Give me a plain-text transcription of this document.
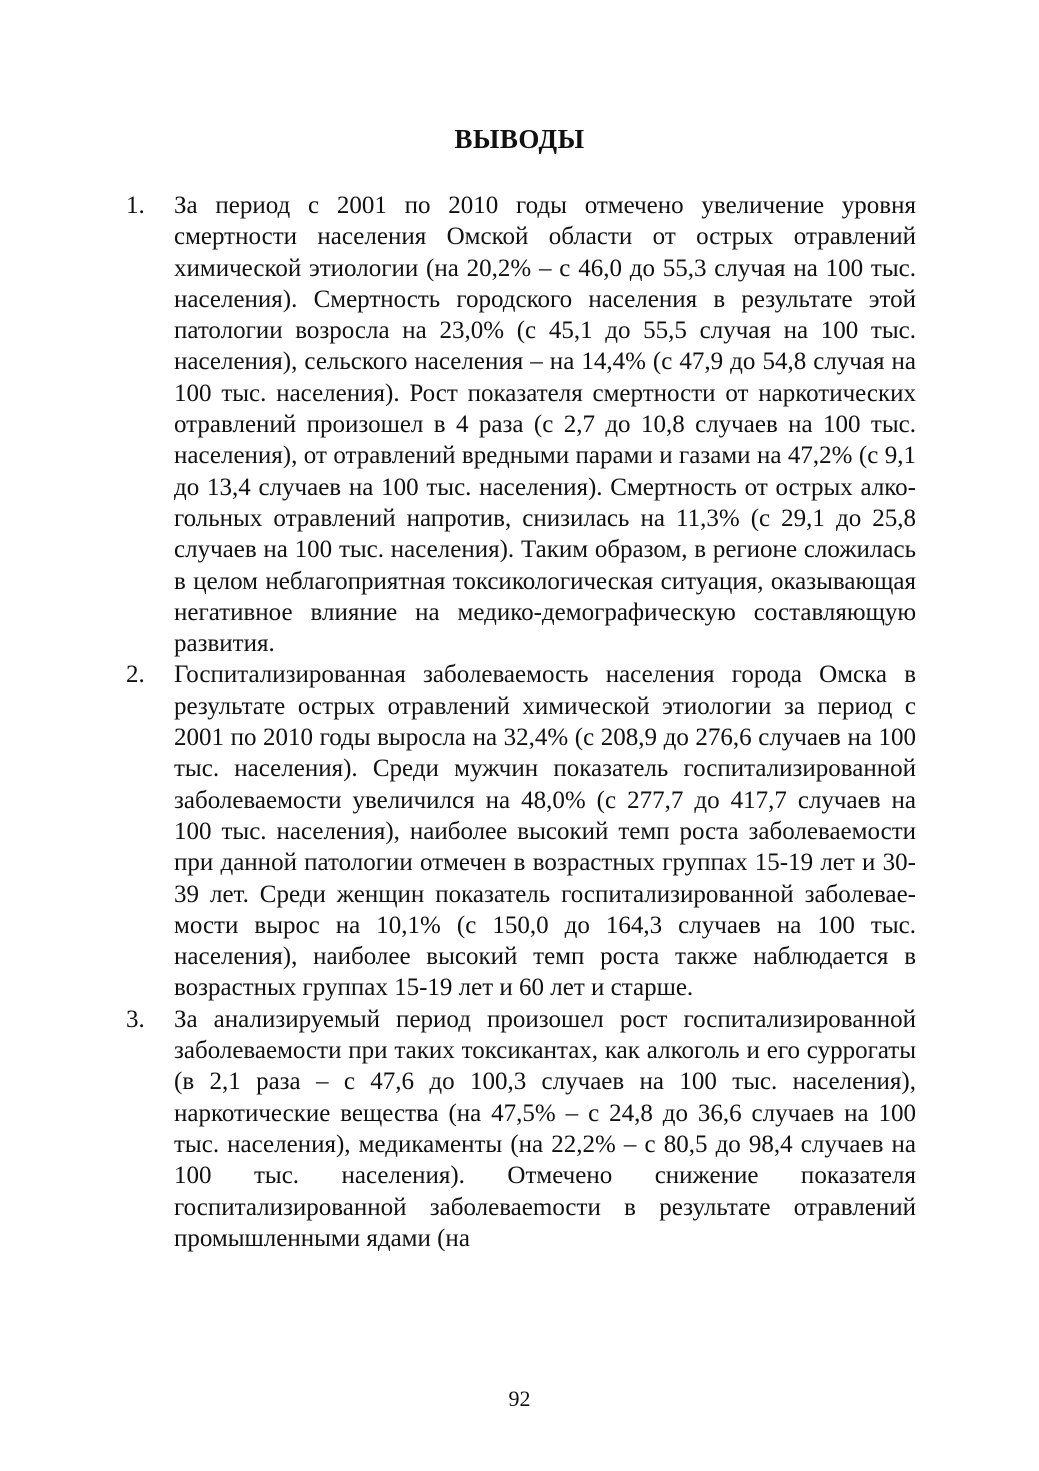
ВЫВОДЫ
1. За период с 2001 по 2010 годы отмечено увеличение уровня смертности населения Омской области от острых отравлений химической этиологии (на 20,2% – с 46,0 до 55,3 случая на 100 тыс. населения). Смертность городского населения в результате этой патологии возросла на 23,0% (с 45,1 до 55,5 случая на 100 тыс. населения), сельского населения – на 14,4% (с 47,9 до 54,8 случая на 100 тыс. населения). Рост показателя смертности от наркотических отравлений произошел в 4 раза (с 2,7 до 10,8 случаев на 100 тыс. населения), от отравлений вредными парами и газами на 47,2% (с 9,1 до 13,4 случаев на 100 тыс. населения). Смертность от острых алкогольных отравлений напротив, снизилась на 11,3% (с 29,1 до 25,8 случаев на 100 тыс. населения). Таким образом, в регионе сложилась в целом неблагоприятная токсикологическая ситуация, оказывающая негативное влияние на медико-демографическую составляющую развития.
2. Госпитализированная заболеваемость населения города Омска в результате острых отравлений химической этиологии за период с 2001 по 2010 годы выросла на 32,4% (с 208,9 до 276,6 случаев на 100 тыс. населения). Среди мужчин показатель госпитализированной заболеваемости увеличился на 48,0% (с 277,7 до 417,7 случаев на 100 тыс. населения), наиболее высокий темп роста заболеваемости при данной патологии отмечен в возрастных группах 15-19 лет и 30-39 лет. Среди женщин показатель госпитализированной заболеваемости вырос на 10,1% (с 150,0 до 164,3 случаев на 100 тыс. населения), наиболее высокий темп роста также наблюдается в возрастных группах 15-19 лет и 60 лет и старше.
3. За анализируемый период произошел рост госпитализированной заболеваемости при таких токсикантах, как алкоголь и его суррогаты (в 2,1 раза – с 47,6 до 100,3 случаев на 100 тыс. населения), наркотические вещества (на 47,5% – с 24,8 до 36,6 случаев на 100 тыс. населения), медикаменты (на 22,2% – с 80,5 до 98,4 случаев на 100 тыс. населения). Отмечено снижение показателя госпитализированной заболеваеmости в результате отравлений промышленными ядами (на
92
